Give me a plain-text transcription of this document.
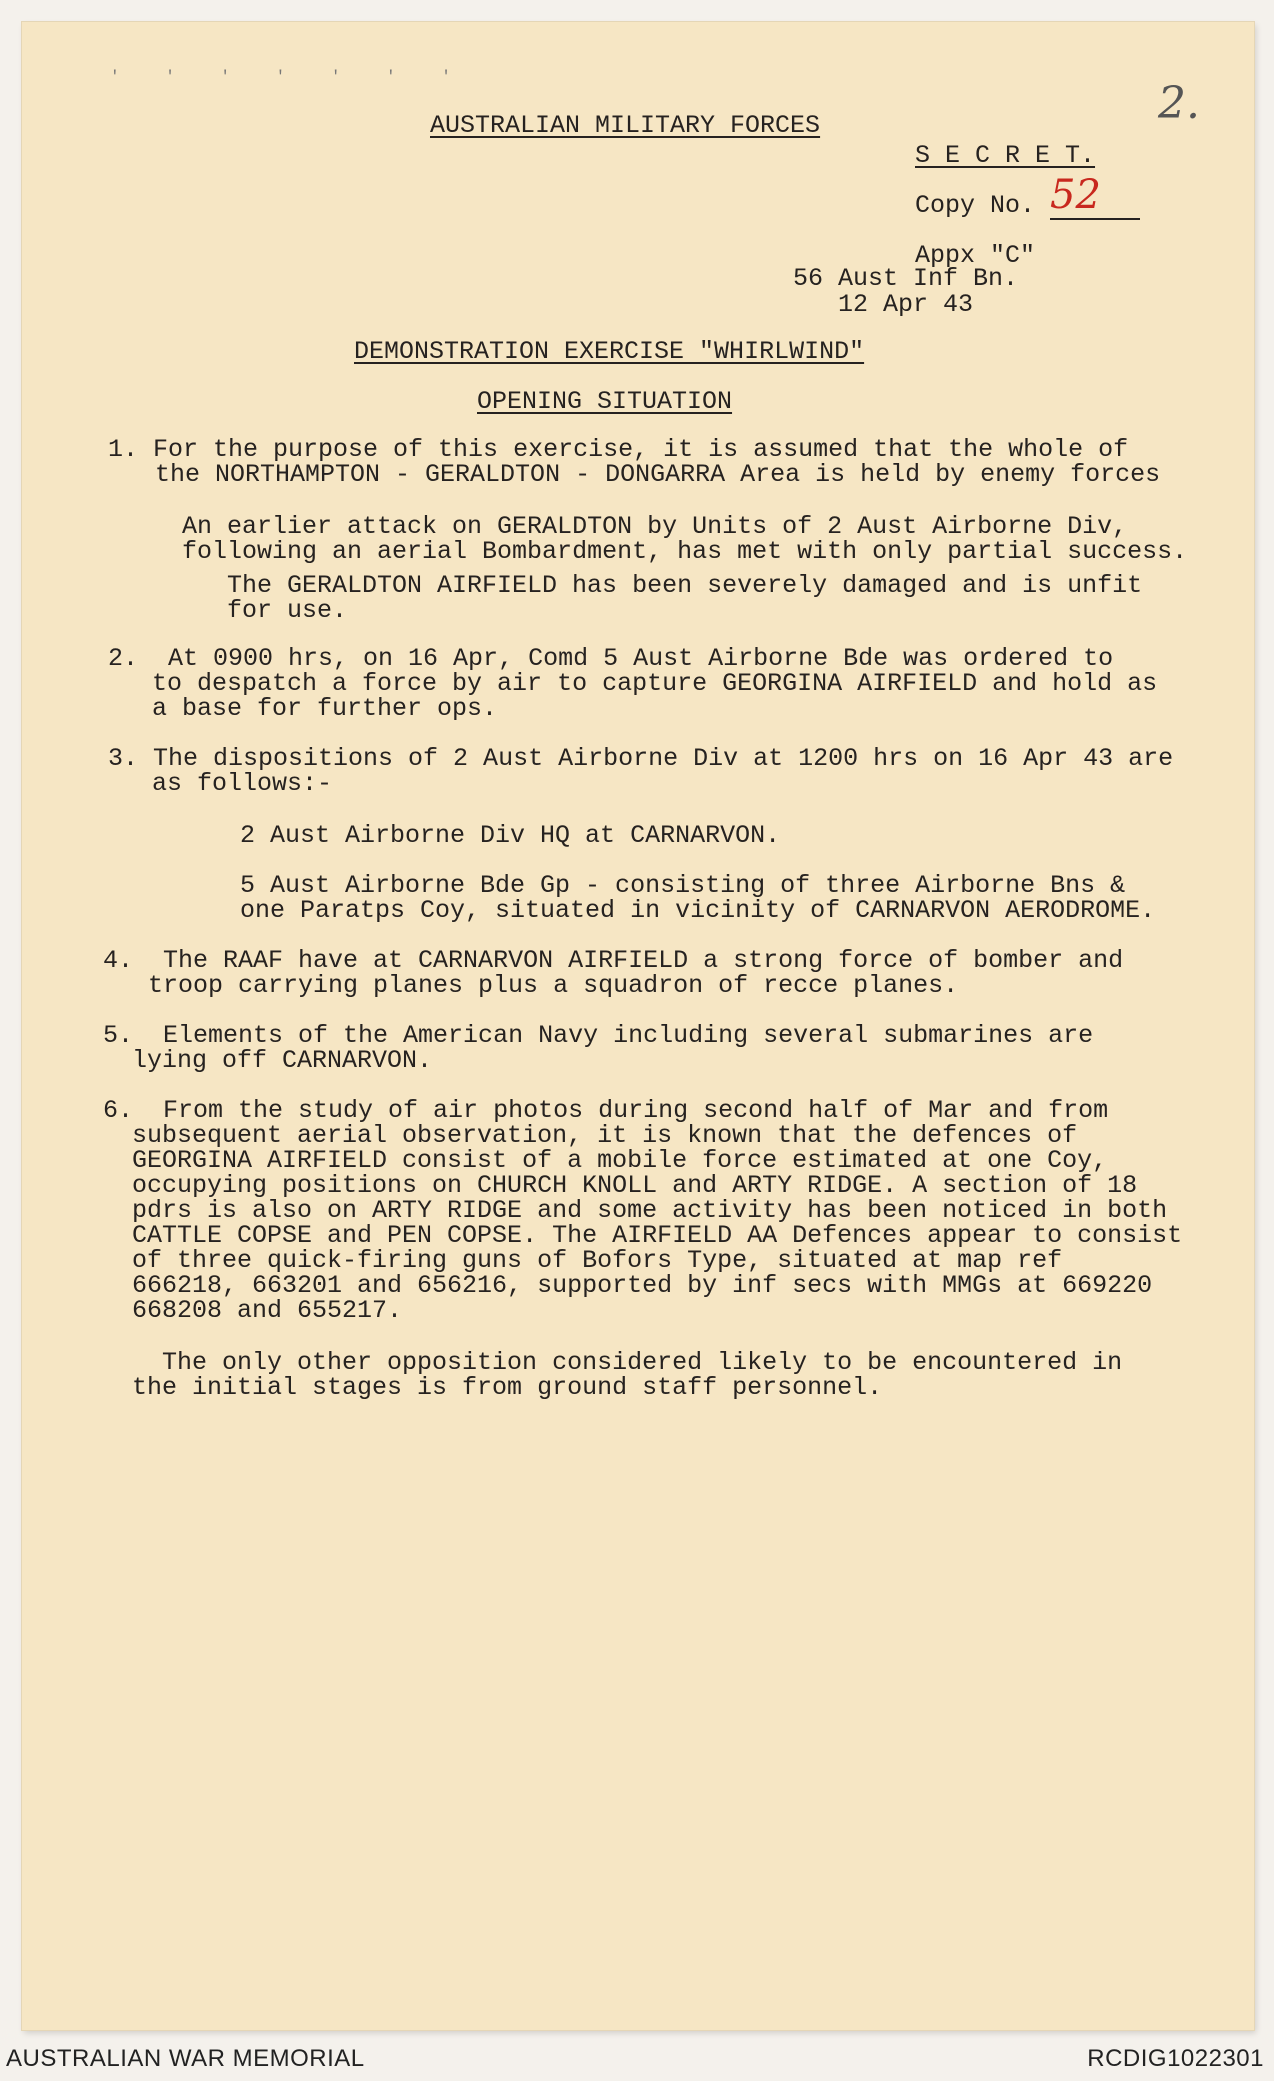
' ' ' ' ' ' '
AUSTRALIAN MILITARY FORCES
S E C R E T.
Copy No. 52
2.
Appx "C"
56 Aust Inf Bn.
12 Apr 43
DEMONSTRATION EXERCISE "WHIRLWIND"
OPENING SITUATION
1. For the purpose of this exercise, it is assumed that the whole of
the NORTHAMPTON - GERALDTON - DONGARRA Area is held by enemy forces
An earlier attack on GERALDTON by Units of 2 Aust Airborne Div,
following an aerial Bombardment, has met with only partial success.
The GERALDTON AIRFIELD has been severely damaged and is unfit
for use.
2.  At 0900 hrs, on 16 Apr, Comd 5 Aust Airborne Bde was ordered to
to despatch a force by air to capture GEORGINA AIRFIELD and hold as
a base for further ops.
3. The dispositions of 2 Aust Airborne Div at 1200 hrs on 16 Apr 43 are
as follows:-
2 Aust Airborne Div HQ at CARNARVON.
5 Aust Airborne Bde Gp - consisting of three Airborne Bns &
one Paratps Coy, situated in vicinity of CARNARVON AERODROME.
4.  The RAAF have at CARNARVON AIRFIELD a strong force of bomber and
troop carrying planes plus a squadron of recce planes.
5.  Elements of the American Navy including several submarines are
lying off CARNARVON.
6.  From the study of air photos during second half of Mar and from
subsequent aerial observation, it is known that the defences of
GEORGINA AIRFIELD consist of a mobile force estimated at one Coy,
occupying positions on CHURCH KNOLL and ARTY RIDGE. A section of 18
pdrs is also on ARTY RIDGE and some activity has been noticed in both
CATTLE COPSE and PEN COPSE. The AIRFIELD AA Defences appear to consist
of three quick-firing guns of Bofors Type, situated at map ref
666218, 663201 and 656216, supported by inf secs with MMGs at 669220
668208 and 655217.
The only other opposition considered likely to be encountered in
the initial stages is from ground staff personnel.
AUSTRALIAN WAR MEMORIAL	RCDIG1022301
